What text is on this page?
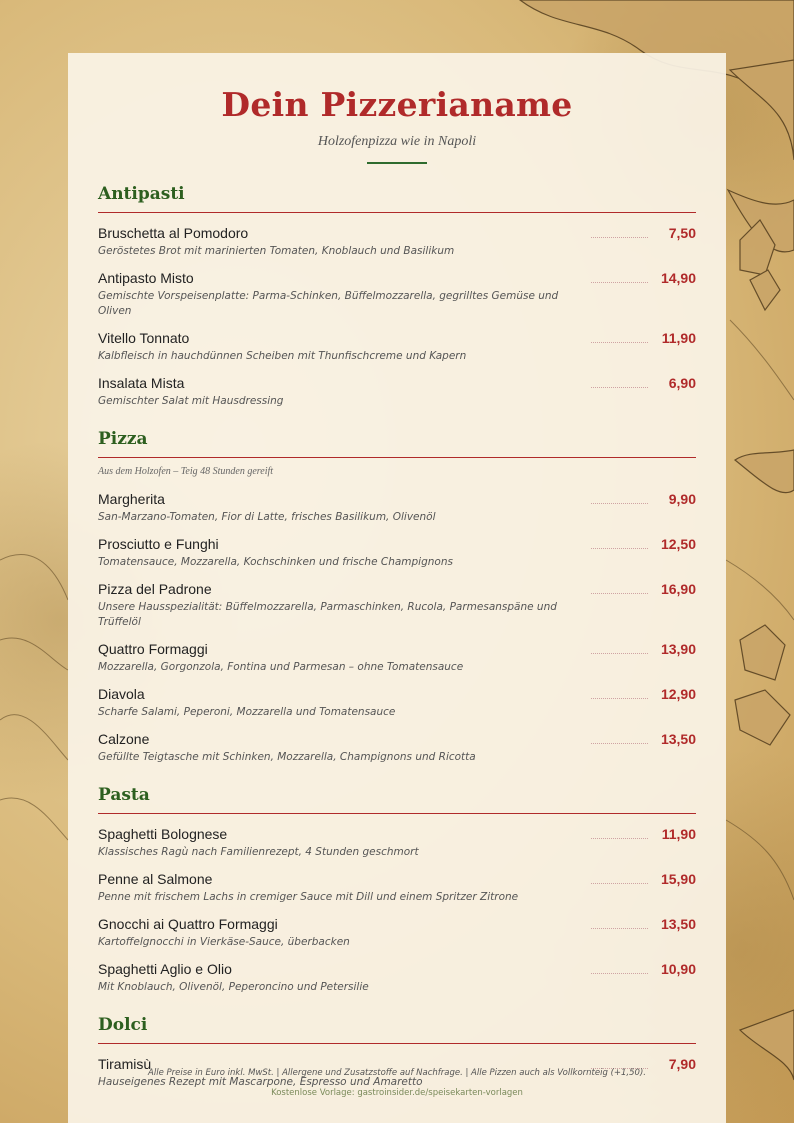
Dein Pizzerianame
Holzofenpizza wie in Napoli
Antipasti
Bruschetta al Pomodoro
Geröstetes Brot mit marinierten Tomaten, Knoblauch und Basilikum
7,50
Antipasto Misto
Gemischte Vorspeisenplatte: Parma-Schinken, Büffelmozzarella, gegrilltes Gemüse und Oliven
14,90
Vitello Tonnato
Kalbfleisch in hauchdünnen Scheiben mit Thunfischcreme und Kapern
11,90
Insalata Mista
Gemischter Salat mit Hausdressing
6,90
Pizza
Aus dem Holzofen – Teig 48 Stunden gereift
Margherita
San-Marzano-Tomaten, Fior di Latte, frisches Basilikum, Olivenöl
9,90
Prosciutto e Funghi
Tomatensauce, Mozzarella, Kochschinken und frische Champignons
12,50
Pizza del Padrone
Unsere Hausspezialität: Büffelmozzarella, Parmaschinken, Rucola, Parmesanspäne und Trüffelöl
16,90
Quattro Formaggi
Mozzarella, Gorgonzola, Fontina und Parmesan – ohne Tomatensauce
13,90
Diavola
Scharfe Salami, Peperoni, Mozzarella und Tomatensauce
12,90
Calzone
Gefüllte Teigtasche mit Schinken, Mozzarella, Champignons und Ricotta
13,50
Pasta
Spaghetti Bolognese
Klassisches Ragù nach Familienrezept, 4 Stunden geschmort
11,90
Penne al Salmone
Penne mit frischem Lachs in cremiger Sauce mit Dill und einem Spritzer Zitrone
15,90
Gnocchi ai Quattro Formaggi
Kartoffelgnocchi in Vierkäse-Sauce, überbacken
13,50
Spaghetti Aglio e Olio
Mit Knoblauch, Olivenöl, Peperoncino und Petersilie
10,90
Dolci
Tiramisù
Hauseigenes Rezept mit Mascarpone, Espresso und Amaretto
7,90
Alle Preise in Euro inkl. MwSt. | Allergene und Zusatzstoffe auf Nachfrage. | Alle Pizzen auch als Vollkornteig (+1,50).
Kostenlose Vorlage: gastroinsider.de/speisekarten-vorlagen
